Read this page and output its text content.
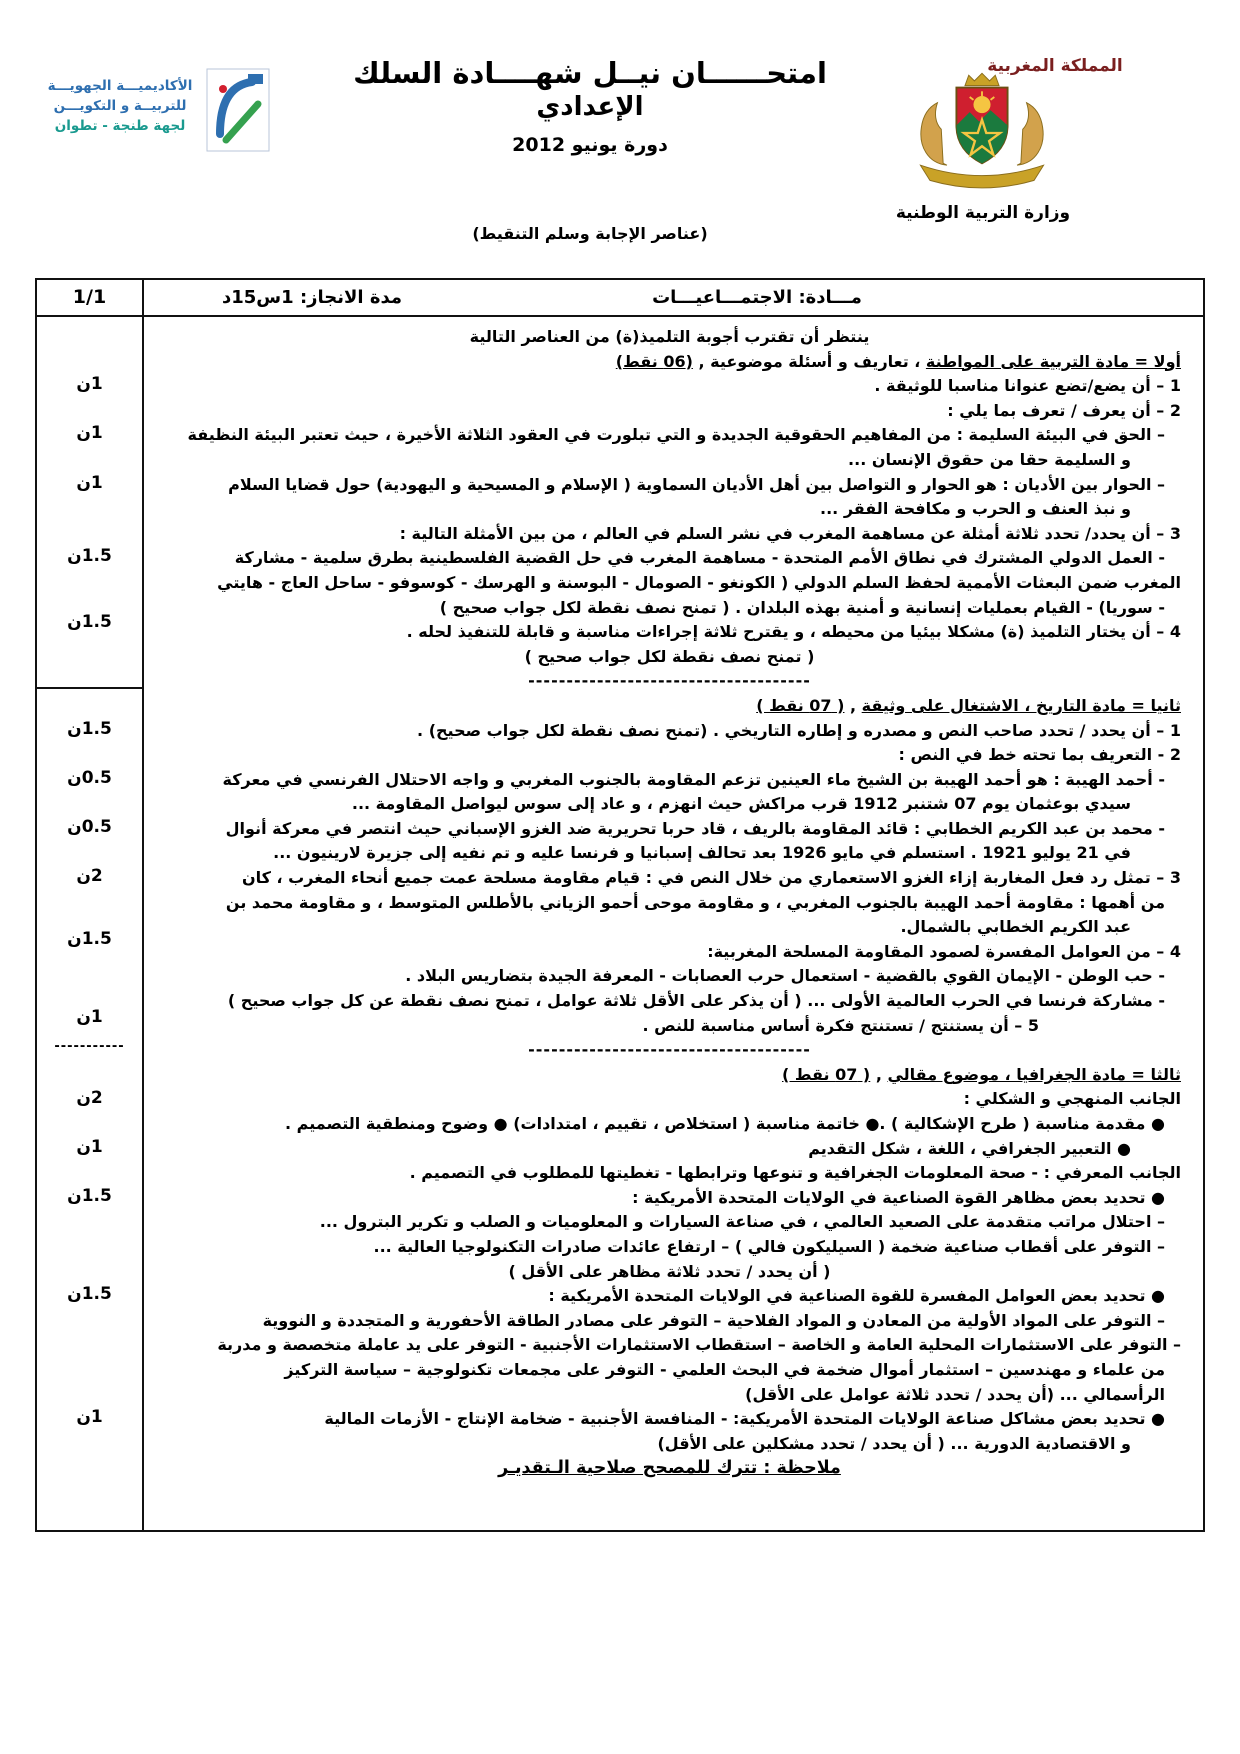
الأكاديميـــة الجهويـــة
للتربيــة و التكويـــن
لجهة طنجة - تطوان
امتحــــــان نيــل شهــــادة السلك
الإعدادي
دورة يونيو 2012
المملكة المغربية
وزارة التربية الوطنية
(عناصر الإجابة وسلم التنقيط)
مـــادة: الاجتمـــاعيـــات
مدة الانجاز: 1س15د
1/1
1ن
1ن
1ن
1.5ن
1.5ن
1.5ن
0.5ن
0.5ن
2ن
1.5ن
1ن
-----------
2ن
1ن
1.5ن
1.5ن
1ن
ينتظر أن تقترب أجوبة التلميذ(ة) من العناصر التالية
أولا = مادة التربية على المواطنة ، تعاريف و أسئلة موضوعية , (06 نقط)
1 – أن يضع/تضع عنوانا مناسبا للوثيقة .
2 – أن يعرف / تعرف بما يلي :
– الحق في البيئة السليمة : من المفاهيم الحقوقية الجديدة و التي تبلورت في العقود الثلاثة الأخيرة ، حيث تعتبر البيئة النظيفة
و السليمة حقا من حقوق الإنسان ...
– الحوار بين الأديان : هو الحوار و التواصل بين أهل الأديان السماوية ( الإسلام و المسيحية و اليهودية) حول قضايا السلام
و نبذ العنف و الحرب و مكافحة الفقر ...
3 – أن يحدد/ تحدد ثلاثة أمثلة عن مساهمة المغرب في نشر السلم في العالم ، من بين الأمثلة التالية :
- العمل الدولي المشترك في نطاق الأمم المتحدة - مساهمة المغرب في حل القضية الفلسطينية بطرق سلمية - مشاركة
المغرب ضمن البعثات الأممية لحفظ السلم الدولي ( الكونغو - الصومال - البوسنة و الهرسك - كوسوفو - ساحل العاج - هايتي
- سوريا) - القيام بعمليات إنسانية و أمنية بهذه البلدان . ( تمنح نصف نقطة لكل جواب صحيح )
4 – أن يختار التلميذ (ة) مشكلا بيئيا من محيطه ، و يقترح ثلاثة إجراءات مناسبة و قابلة للتنفيذ لحله .
( تمنح نصف نقطة لكل جواب صحيح )
-------------------------------------
ثانيا = مادة التاريخ ، الاشتغال على وثيقة , ( 07 نقط )
1 – أن يحدد / تحدد صاحب النص و مصدره و إطاره التاريخي . (تمنح نصف نقطة لكل جواب صحيح) .
2 - التعريف بما تحته خط في النص :
- أحمد الهيبة : هو أحمد الهيبة بن الشيخ ماء العينين تزعم المقاومة بالجنوب المغربي و واجه الاحتلال الفرنسي في معركة
سيدي بوعثمان يوم 07 شتنبر 1912 قرب مراكش حيث انهزم ، و عاد إلى سوس ليواصل المقاومة ...
- محمد بن عبد الكريم الخطابي : قائد المقاومة بالريف ، قاد حربا تحريرية ضد الغزو الإسباني حيث انتصر في معركة أنوال
في 21 يوليو 1921 . استسلم في مايو 1926 بعد تحالف إسبانيا و فرنسا عليه و تم نفيه إلى جزيرة لارينيون ...
3 – تمثل رد فعل المغاربة إزاء الغزو الاستعماري من خلال النص في : قيام مقاومة مسلحة عمت جميع أنحاء المغرب ، كان
من أهمها : مقاومة أحمد الهيبة بالجنوب المغربي ، و مقاومة موحى أحمو الزياني بالأطلس المتوسط ، و مقاومة محمد بن
عبد الكريم الخطابي بالشمال.
4 – من العوامل المفسرة لصمود المقاومة المسلحة المغربية:
- حب الوطن - الإيمان القوي بالقضية - استعمال حرب العصابات - المعرفة الجيدة بتضاريس البلاد .
- مشاركة فرنسا في الحرب العالمية الأولى ... ( أن يذكر على الأقل ثلاثة عوامل ، تمنح نصف نقطة عن كل جواب صحيح )
5 – أن يستنتج / تستنتج فكرة أساس مناسبة للنص .
-------------------------------------
ثالثا = مادة الجغرافيا ، موضوع مقالي , ( 07 نقط )
الجانب المنهجي و الشكلي :
● مقدمة مناسبة ( طرح الإشكالية ) .● خاتمة مناسبة ( استخلاص ، تقييم ، امتدادات) ● وضوح ومنطقية التصميم .
● التعبير الجغرافي ، اللغة ، شكل التقديم
الجانب المعرفي : - صحة المعلومات الجغرافية و تنوعها وترابطها - تغطيتها للمطلوب في التصميم .
● تحديد بعض مظاهر القوة الصناعية في الولايات المتحدة الأمريكية :
– احتلال مراتب متقدمة على الصعيد العالمي ، في صناعة السيارات و المعلوميات و الصلب و تكرير البترول ...
– التوفر على أقطاب صناعية ضخمة ( السيليكون فالي ) – ارتفاع عائدات صادرات التكنولوجيا العالية ...
( أن يحدد / تحدد ثلاثة مظاهر على الأقل )
● تحديد بعض العوامل المفسرة للقوة الصناعية في الولايات المتحدة الأمريكية :
– التوفر على المواد الأولية من المعادن و المواد الفلاحية – التوفر على مصادر الطاقة الأحفورية و المتجددة و النووية
– التوفر على الاستثمارات المحلية العامة و الخاصة – استقطاب الاستثمارات الأجنبية - التوفر على يد عاملة متخصصة و مدربة
من علماء و مهندسين – استثمار أموال ضخمة في البحث العلمي - التوفر على مجمعات تكنولوجية – سياسة التركيز
الرأسمالي ... (أن يحدد / تحدد ثلاثة عوامل على الأقل)
● تحديد بعض مشاكل صناعة الولايات المتحدة الأمريكية: - المنافسة الأجنبية - ضخامة الإنتاج - الأزمات المالية
و الاقتصادية الدورية ... ( أن يحدد / تحدد مشكلين على الأقل)
ملاحظة : تترك للمصحح صلاحية الـتقديـر
